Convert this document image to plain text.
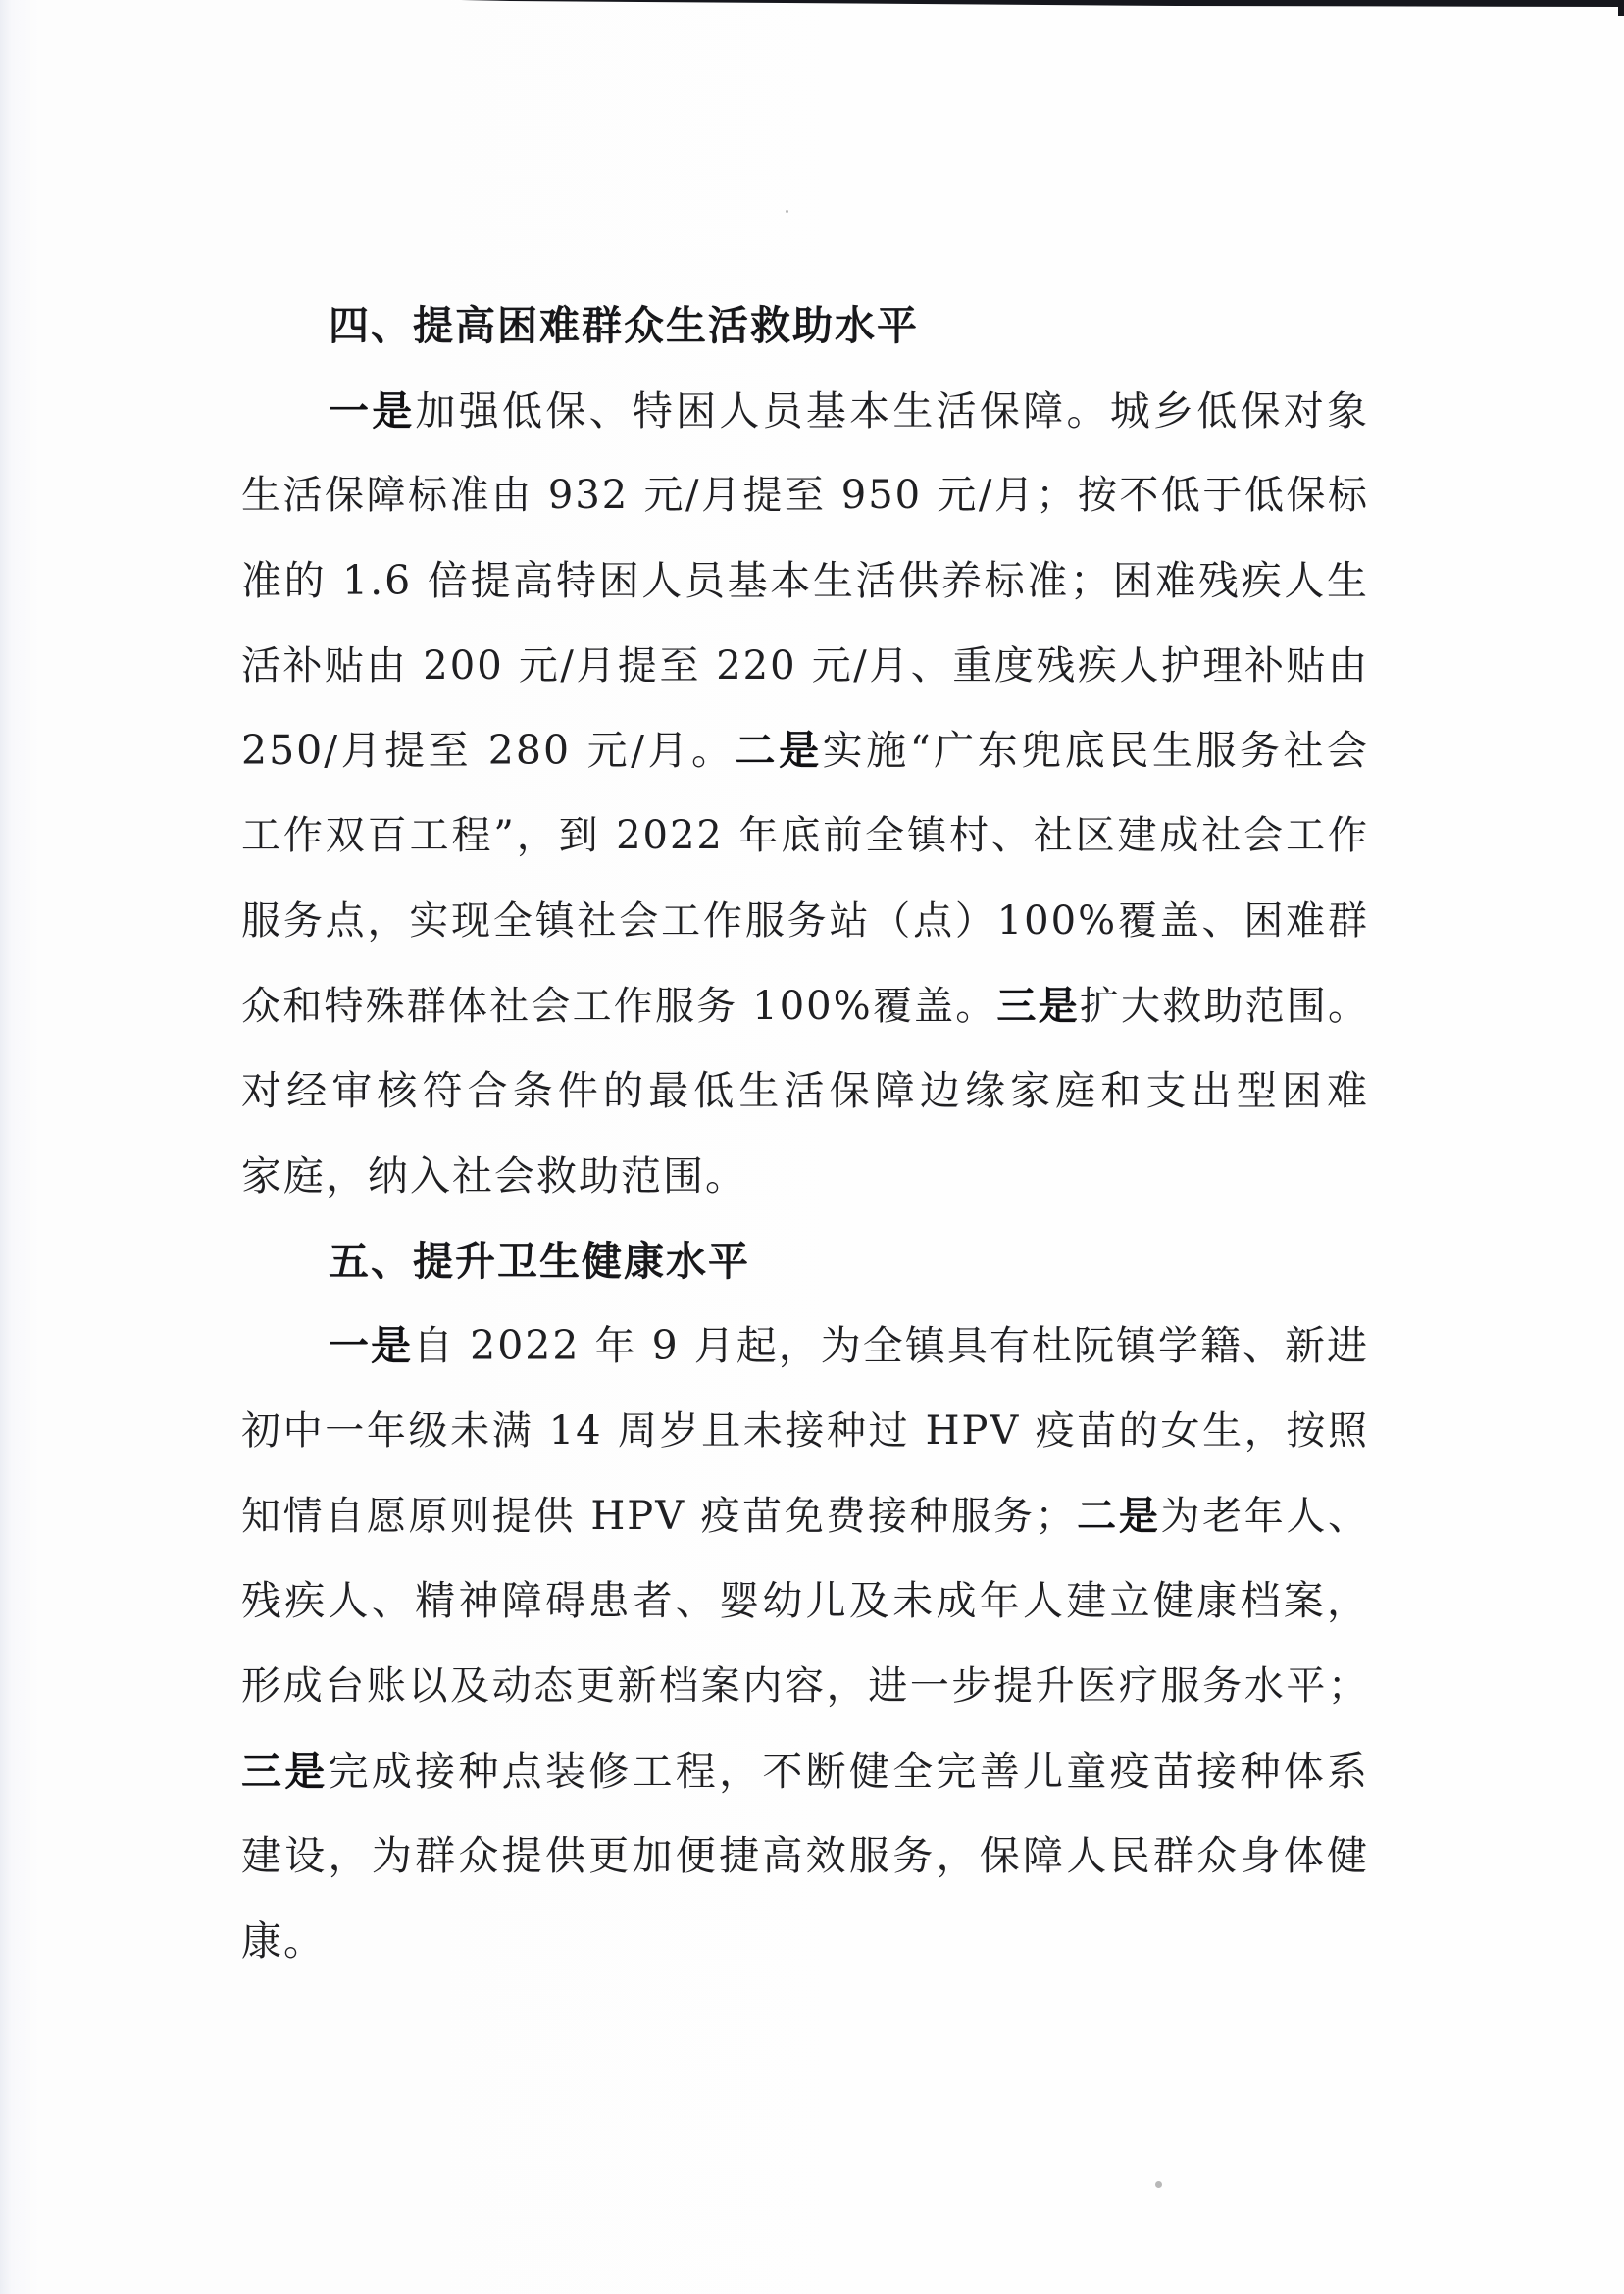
四、提高困难群众生活救助水平
一是加强低保、特困人员基本生活保障。城乡低保对象
生活保障标准由 932 元/月提至 950 元/月；按不低于低保标
准的 1.6 倍提高特困人员基本生活供养标准；困难残疾人生
活补贴由 200 元/月提至 220 元/月、重度残疾人护理补贴由
250/月提至 280 元/月。二是实施“广东兜底民生服务社会
工作双百工程”，到 2022 年底前全镇村、社区建成社会工作
服务点，实现全镇社会工作服务站（点）100%覆盖、困难群
众和特殊群体社会工作服务 100%覆盖。三是扩大救助范围。
对经审核符合条件的最低生活保障边缘家庭和支出型困难
家庭，纳入社会救助范围。
五、提升卫生健康水平
一是自 2022 年 9 月起，为全镇具有杜阮镇学籍、新进
初中一年级未满 14 周岁且未接种过 HPV 疫苗的女生，按照
知情自愿原则提供 HPV 疫苗免费接种服务；二是为老年人、
残疾人、精神障碍患者、婴幼儿及未成年人建立健康档案，
形成台账以及动态更新档案内容，进一步提升医疗服务水平；
三是完成接种点装修工程，不断健全完善儿童疫苗接种体系
建设，为群众提供更加便捷高效服务，保障人民群众身体健
康。
